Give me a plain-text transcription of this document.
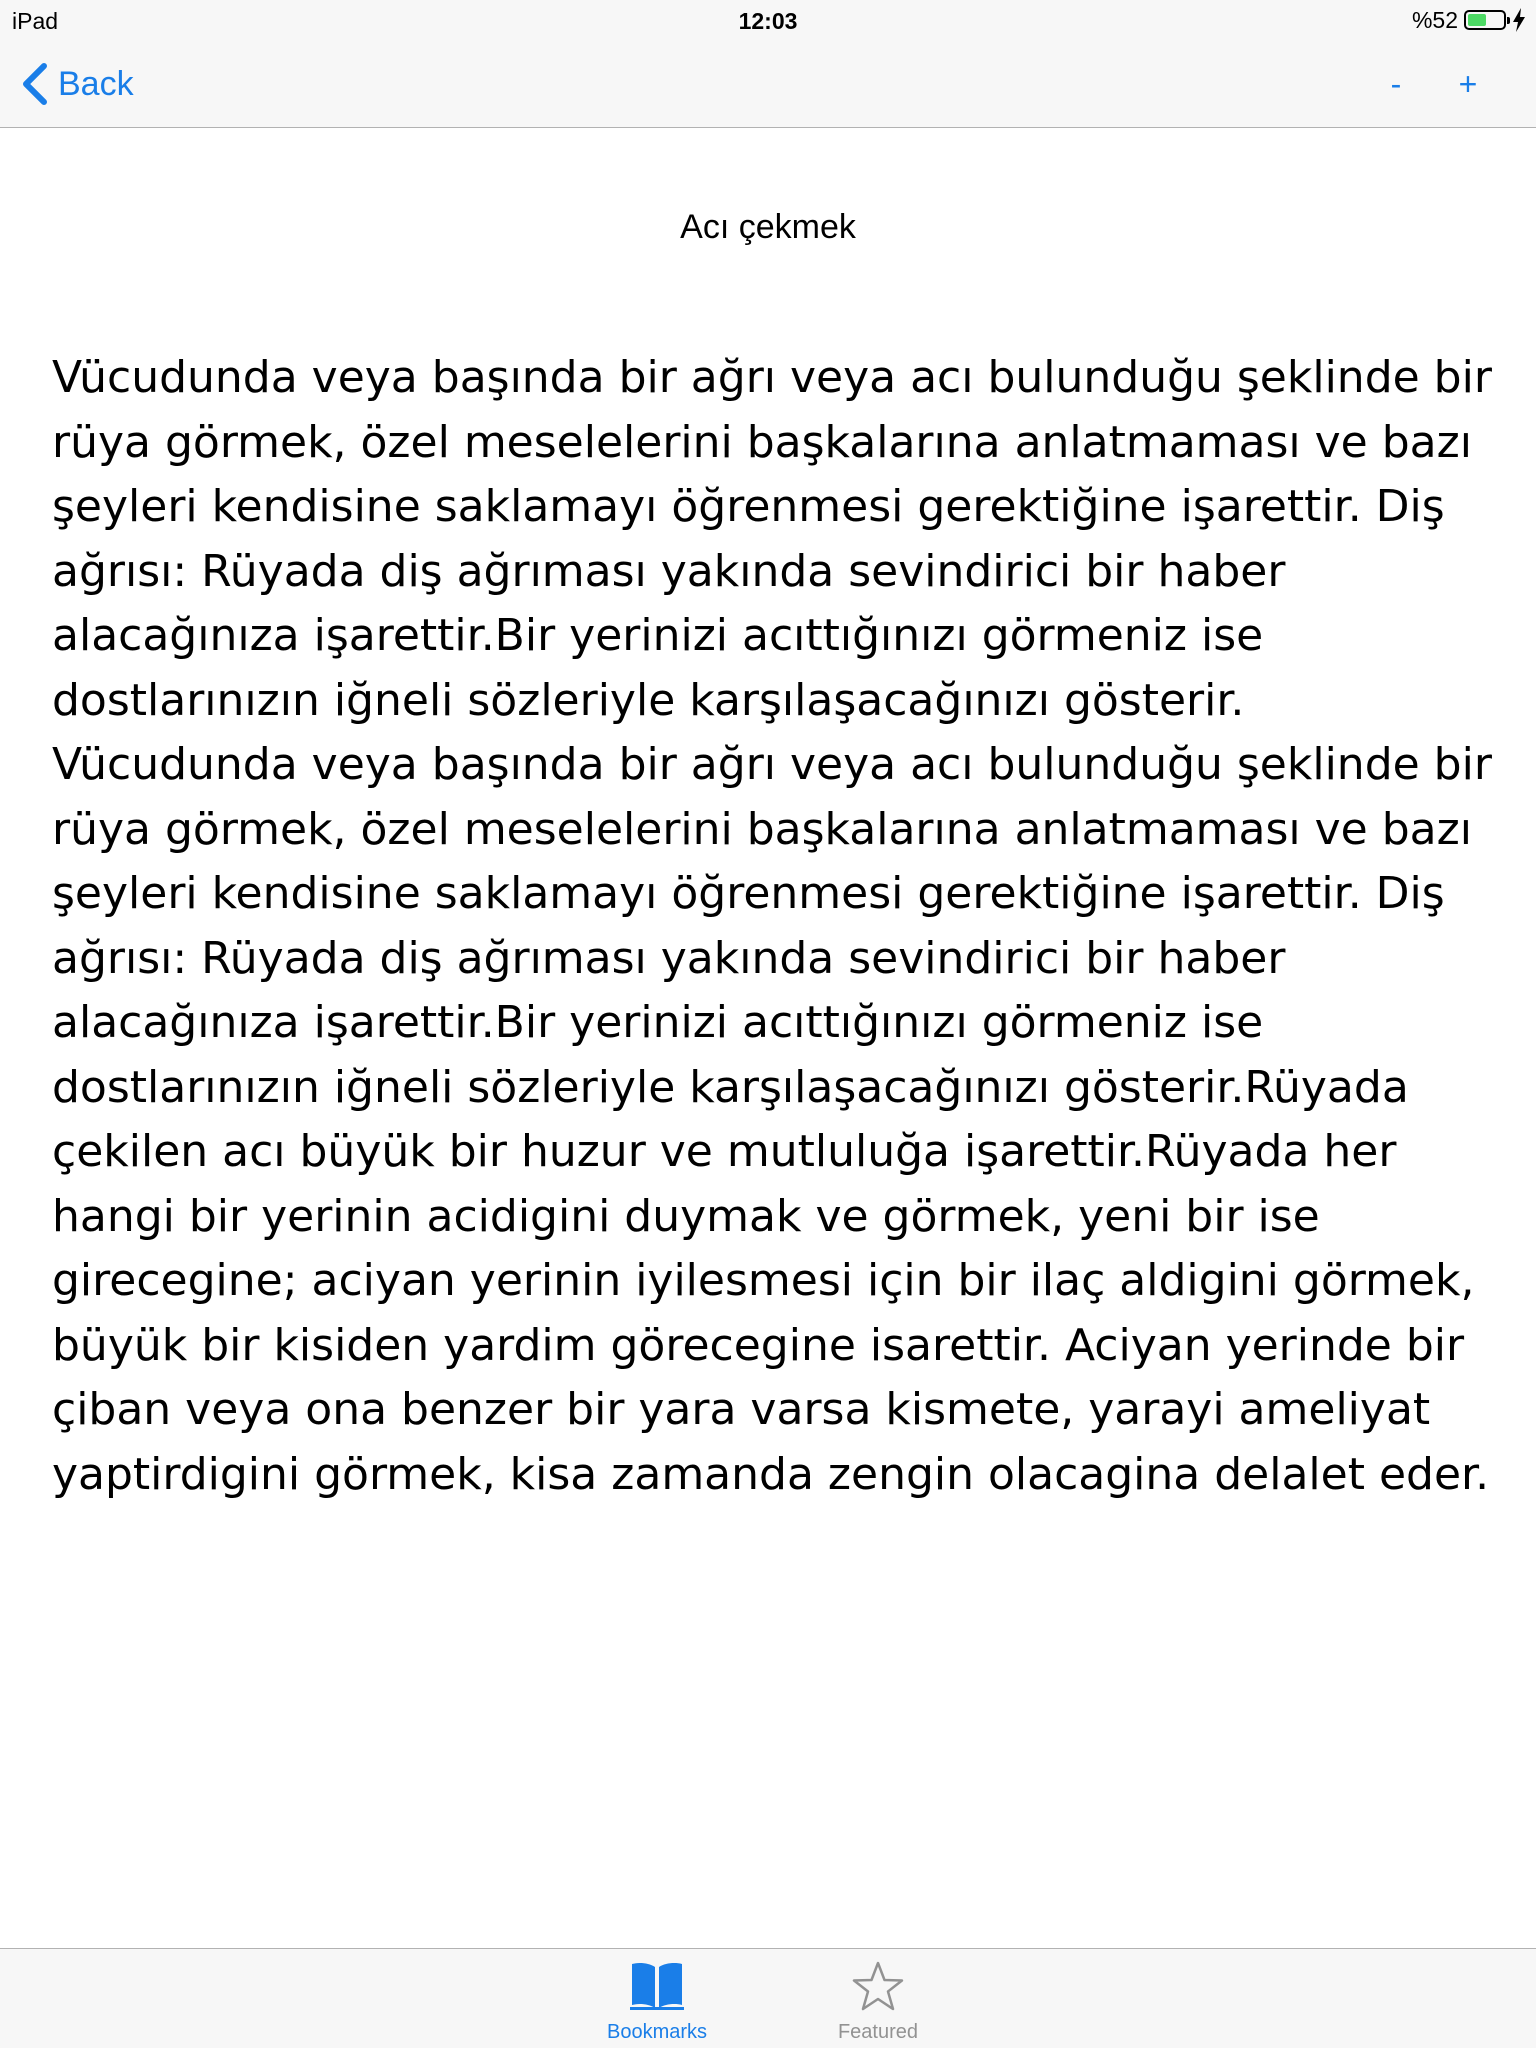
iPad	12:03	%52
Back	-	+
Acı çekmek

Vücudunda veya başında bir ağrı veya acı bulunduğu şeklinde bir rüya görmek, özel meselelerini başkalarına anlatmaması ve bazı şeyleri kendisine saklamayı öğrenmesi gerektiğine işarettir. Diş ağrısı: Rüyada diş ağrıması yakında sevindirici bir haber alacağınıza işarettir.Bir yerinizi acıttığınızı görmeniz ise dostlarınızın iğneli sözleriyle karşılaşacağınızı gösterir. Vücudunda veya başında bir ağrı veya acı bulunduğu şeklinde bir rüya görmek, özel meselelerini başkalarına anlatmaması ve bazı şeyleri kendisine saklamayı öğrenmesi gerektiğine işarettir. Diş ağrısı: Rüyada diş ağrıması yakında sevindirici bir haber alacağınıza işarettir.Bir yerinizi acıttığınızı görmeniz ise dostlarınızın iğneli sözleriyle karşılaşacağınızı gösterir.Rüyada çekilen acı büyük bir huzur ve mutluluğa işarettir.Rüyada her hangi bir yerinin acidigini duymak ve görmek, yeni bir ise girecegine; aciyan yerinin iyilesmesi için bir ilaç aldigini görmek, büyük bir kisiden yardim görecegine isarettir. Aciyan yerinde bir çiban veya ona benzer bir yara varsa kismete, yarayi ameliyat yaptirdigini görmek, kisa zamanda zengin olacagina delalet eder.

Bookmarks	Featured
